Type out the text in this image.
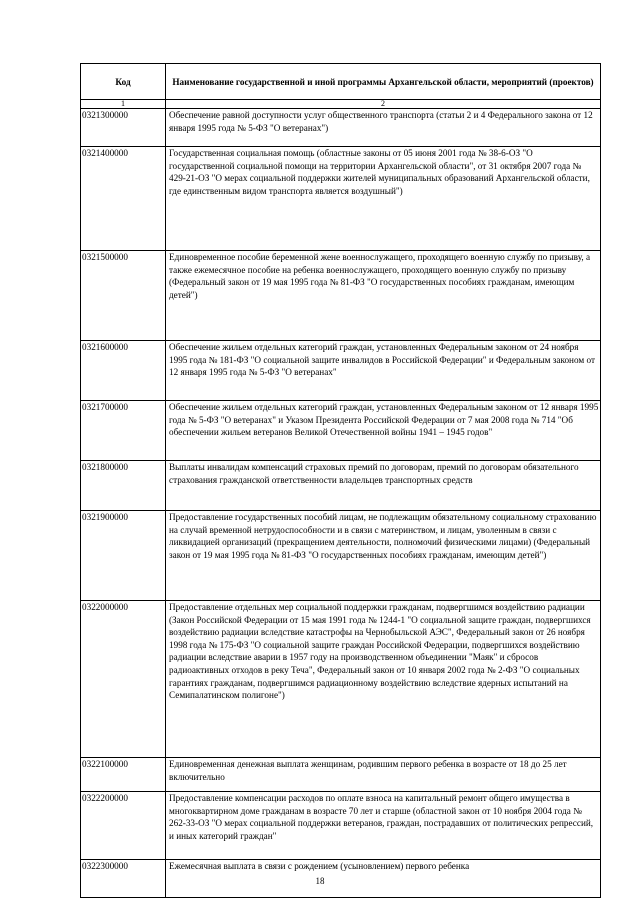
Код	Наименование государственной и иной программы Архангельской области, мероприятий (проектов)
1	2
0321300000	Обеспечение равной доступности услуг общественного транспорта (статьи 2 и 4 Федерального закона от 12 января 1995 года № 5-ФЗ "О ветеранах")
0321400000	Государственная социальная помощь (областные законы от 05 июня 2001 года № 38-6-ОЗ "О государственной социальной помощи на территории Архангельской области", от 31 октября 2007 года № 429-21-ОЗ "О мерах социальной поддержки жителей муниципальных образований Архангельской области, где единственным видом транспорта является воздушный")
0321500000	Единовременное пособие беременной жене военнослужащего, проходящего военную службу по призыву, а также ежемесячное пособие на ребенка военнослужащего, проходящего военную службу по призыву (Федеральный закон от 19 мая 1995 года № 81-ФЗ "О государственных пособиях гражданам, имеющим детей")
0321600000	Обеспечение жильем отдельных категорий граждан, установленных Федеральным законом от 24 ноября 1995 года № 181-ФЗ "О социальной защите инвалидов в Российской Федерации" и Федеральным законом от 12 января 1995 года № 5-ФЗ "О ветеранах"
0321700000	Обеспечение жильем отдельных категорий граждан, установленных Федеральным законом от 12 января 1995 года № 5-ФЗ "О ветеранах" и Указом Президента Российской Федерации от 7 мая 2008 года № 714 "Об обеспечении жильем ветеранов Великой Отечественной войны 1941 – 1945 годов"
0321800000	Выплаты инвалидам компенсаций страховых премий по договорам, премий по договорам обязательного страхования гражданской ответственности владельцев транспортных средств
0321900000	Предоставление государственных пособий лицам, не подлежащим обязательному социальному страхованию на случай временной нетрудоспособности и в связи с материнством, и лицам, уволенным в связи с ликвидацией организаций (прекращением деятельности, полномочий физическими лицами) (Федеральный закон от 19 мая 1995 года № 81-ФЗ "О государственных пособиях гражданам, имеющим детей")
0322000000	Предоставление отдельных мер социальной поддержки гражданам, подвергшимся воздействию радиации (Закон Российской Федерации от 15 мая 1991 года № 1244-1 "О социальной защите граждан, подвергшихся воздействию радиации вследствие катастрофы на Чернобыльской АЭС", Федеральный закон от 26 ноября 1998 года № 175-ФЗ "О социальной защите граждан Российской Федерации, подвергшихся воздействию радиации вследствие аварии в 1957 году на производственном объединении "Маяк" и сбросов радиоактивных отходов в реку Теча", Федеральный закон от 10 января 2002 года № 2-ФЗ "О социальных гарантиях гражданам, подвергшимся радиационному воздействию вследствие ядерных испытаний на Семипалатинском полигоне")
0322100000	Единовременная денежная выплата женщинам, родившим первого ребенка в возрасте от 18 до 25 лет включительно
0322200000	Предоставление компенсации расходов по оплате взноса на капитальный ремонт общего имущества в многоквартирном доме гражданам в возрасте 70 лет и старше (областной закон от 10 ноября 2004 года № 262-33-ОЗ "О мерах социальной поддержки ветеранов, граждан, пострадавших от политических репрессий, и иных категорий граждан"
0322300000	Ежемесячная выплата в связи с рождением (усыновлением) первого ребенка
18
